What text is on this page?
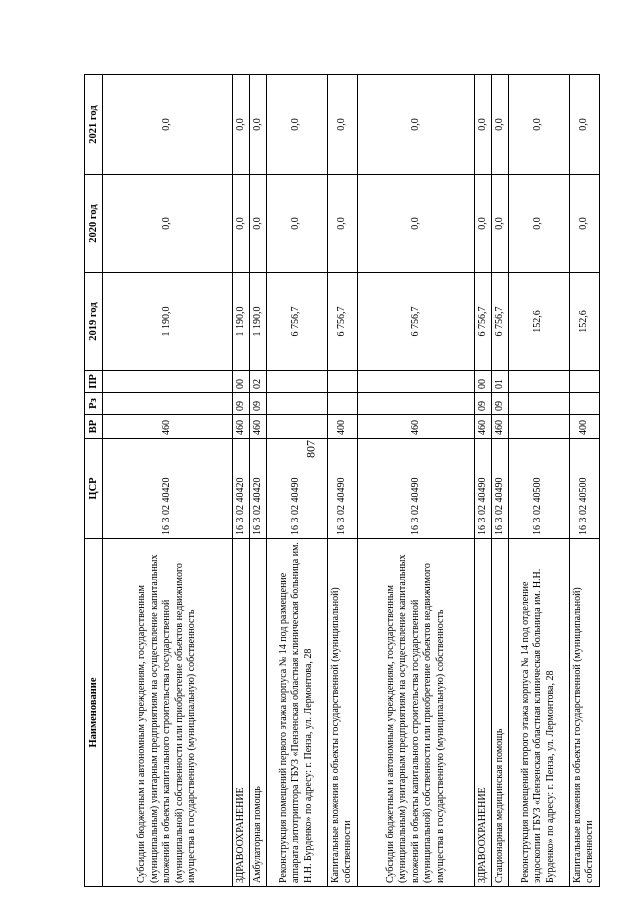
807
Наименование	ЦСР	ВР	Рз	ПР	2019 год	2020 год	2021 год
Субсидии бюджетным и автономным учреждениям, государственным (муниципальным) унитарным предприятиям на осуществление капитальных вложений в объекты капитального строительства государственной (муниципальной) собственности или приобретение объектов недвижимого имущества в государственную (муниципальную) собственность	16 3 02 40420	460			1 190,0	0,0	0,0
ЗДРАВООХРАНЕНИЕ	16 3 02 40420	460	09	00	1 190,0	0,0	0,0
Амбулаторная помощь	16 3 02 40420	460	09	02	1 190,0	0,0	0,0
Реконструкция помещений первого этажа корпуса № 14 под размещение аппарата литотриптора ГБУЗ «Пензенская областная клиническая больница им. Н.Н. Бурденко» по адресу: г. Пенза, ул. Лермонтова, 28	16 3 02 40490				6 756,7	0,0	0,0
Капитальные вложения в объекты государственной (муниципальной) собственности	16 3 02 40490	400			6 756,7	0,0	0,0
Субсидии бюджетным и автономным учреждениям, государственным (муниципальным) унитарным предприятиям на осуществление капитальных вложений в объекты капитального строительства государственной (муниципальной) собственности или приобретение объектов недвижимого имущества в государственную (муниципальную) собственность	16 3 02 40490	460			6 756,7	0,0	0,0
ЗДРАВООХРАНЕНИЕ	16 3 02 40490	460	09	00	6 756,7	0,0	0,0
Стационарная медицинская помощь	16 3 02 40490	460	09	01	6 756,7	0,0	0,0
Реконструкция помещений второго этажа корпуса № 14 под отделение эндоскопии ГБУЗ «Пензенская областная клиническая больница им. Н.Н. Бурденко» по адресу: г. Пенза, ул. Лермонтова, 28	16 3 02 40500				152,6	0,0	0,0
Капитальные вложения в объекты государственной (муниципальной) собственности	16 3 02 40500	400			152,6	0,0	0,0
